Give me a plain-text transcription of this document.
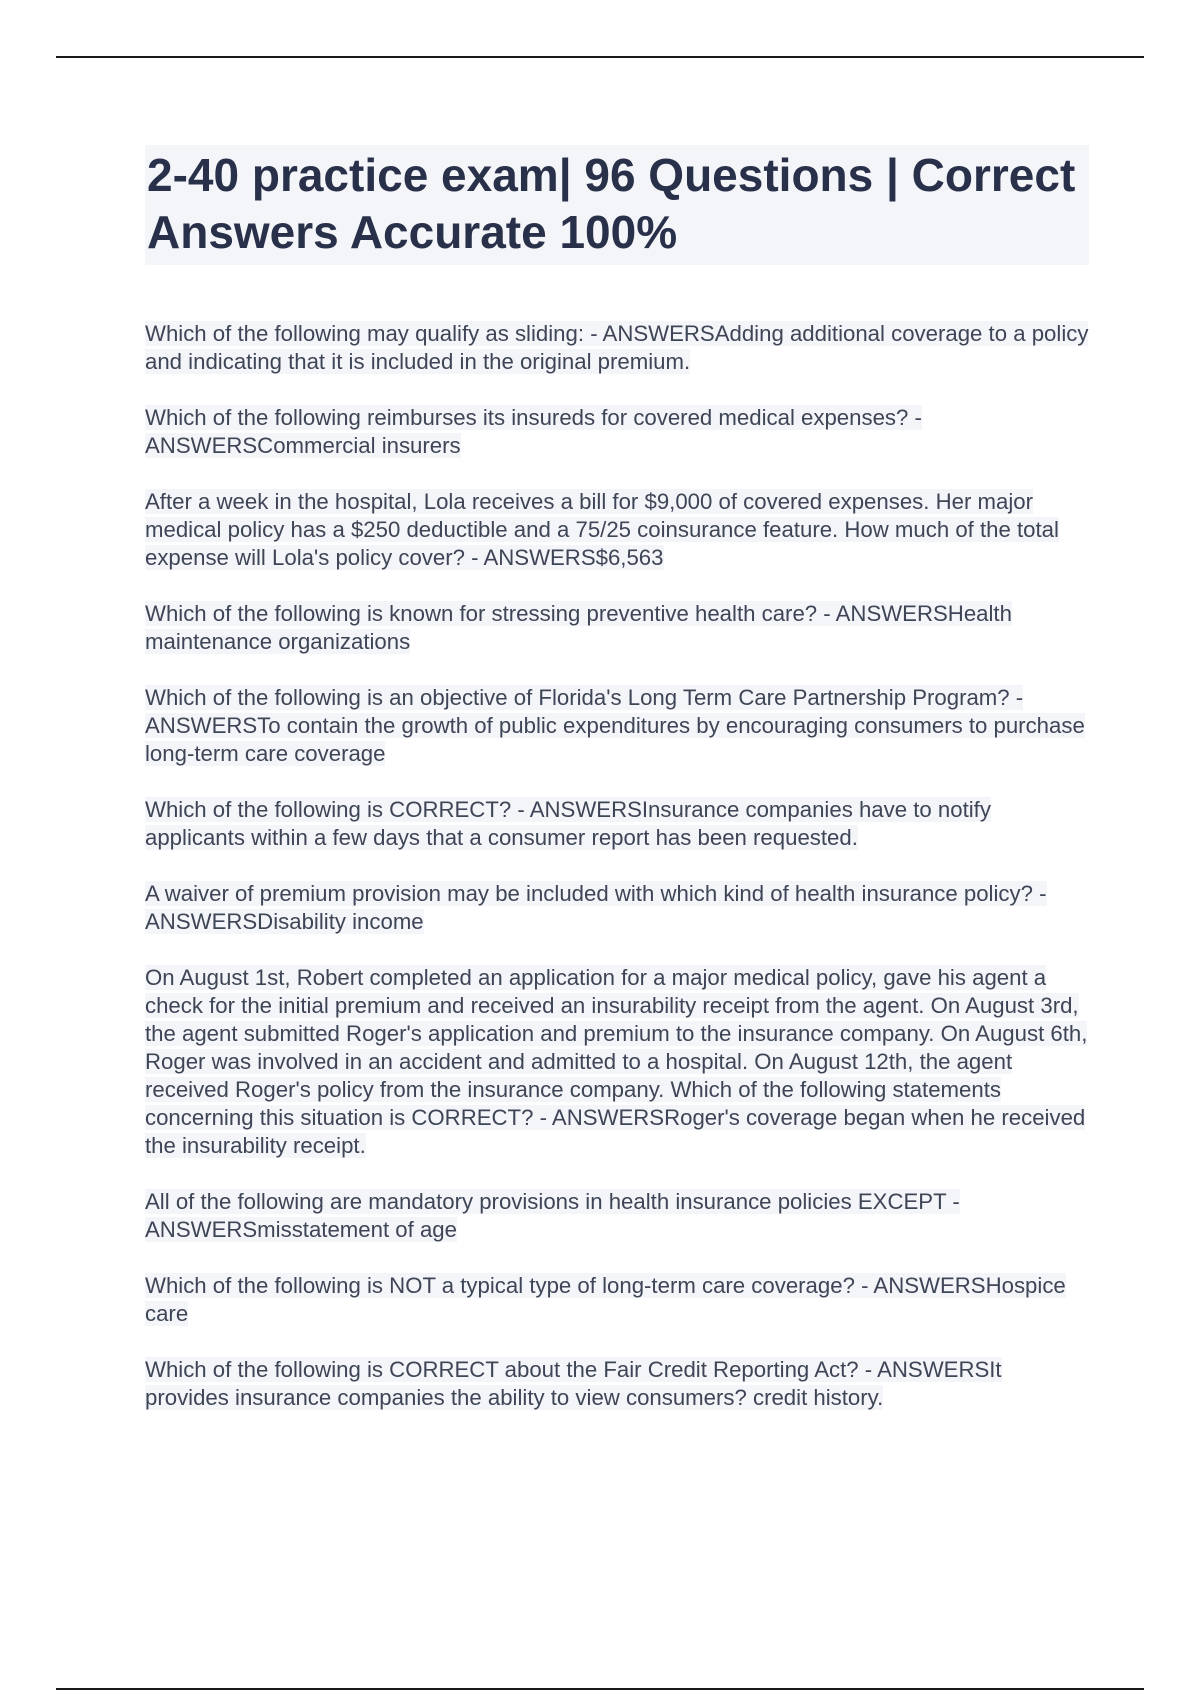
2-40 practice exam| 96 Questions | Correct Answers Accurate 100%

Which of the following may qualify as sliding: - ANSWERSAdding additional coverage to a policy and indicating that it is included in the original premium.

Which of the following reimburses its insureds for covered medical expenses? - ANSWERSCommercial insurers

After a week in the hospital, Lola receives a bill for $9,000 of covered expenses. Her major medical policy has a $250 deductible and a 75/25 coinsurance feature. How much of the total expense will Lola's policy cover? - ANSWERS$6,563

Which of the following is known for stressing preventive health care? - ANSWERSHealth maintenance organizations

Which of the following is an objective of Florida's Long Term Care Partnership Program? - ANSWERSTo contain the growth of public expenditures by encouraging consumers to purchase long-term care coverage

Which of the following is CORRECT? - ANSWERSInsurance companies have to notify applicants within a few days that a consumer report has been requested.

A waiver of premium provision may be included with which kind of health insurance policy? - ANSWERSDisability income

On August 1st, Robert completed an application for a major medical policy, gave his agent a check for the initial premium and received an insurability receipt from the agent. On August 3rd, the agent submitted Roger's application and premium to the insurance company. On August 6th, Roger was involved in an accident and admitted to a hospital. On August 12th, the agent received Roger's policy from the insurance company. Which of the following statements concerning this situation is CORRECT? - ANSWERSRoger's coverage began when he received the insurability receipt.

All of the following are mandatory provisions in health insurance policies EXCEPT - ANSWERSmisstatement of age

Which of the following is NOT a typical type of long-term care coverage? - ANSWERSHospice care

Which of the following is CORRECT about the Fair Credit Reporting Act? - ANSWERSIt provides insurance companies the ability to view consumers? credit history.
